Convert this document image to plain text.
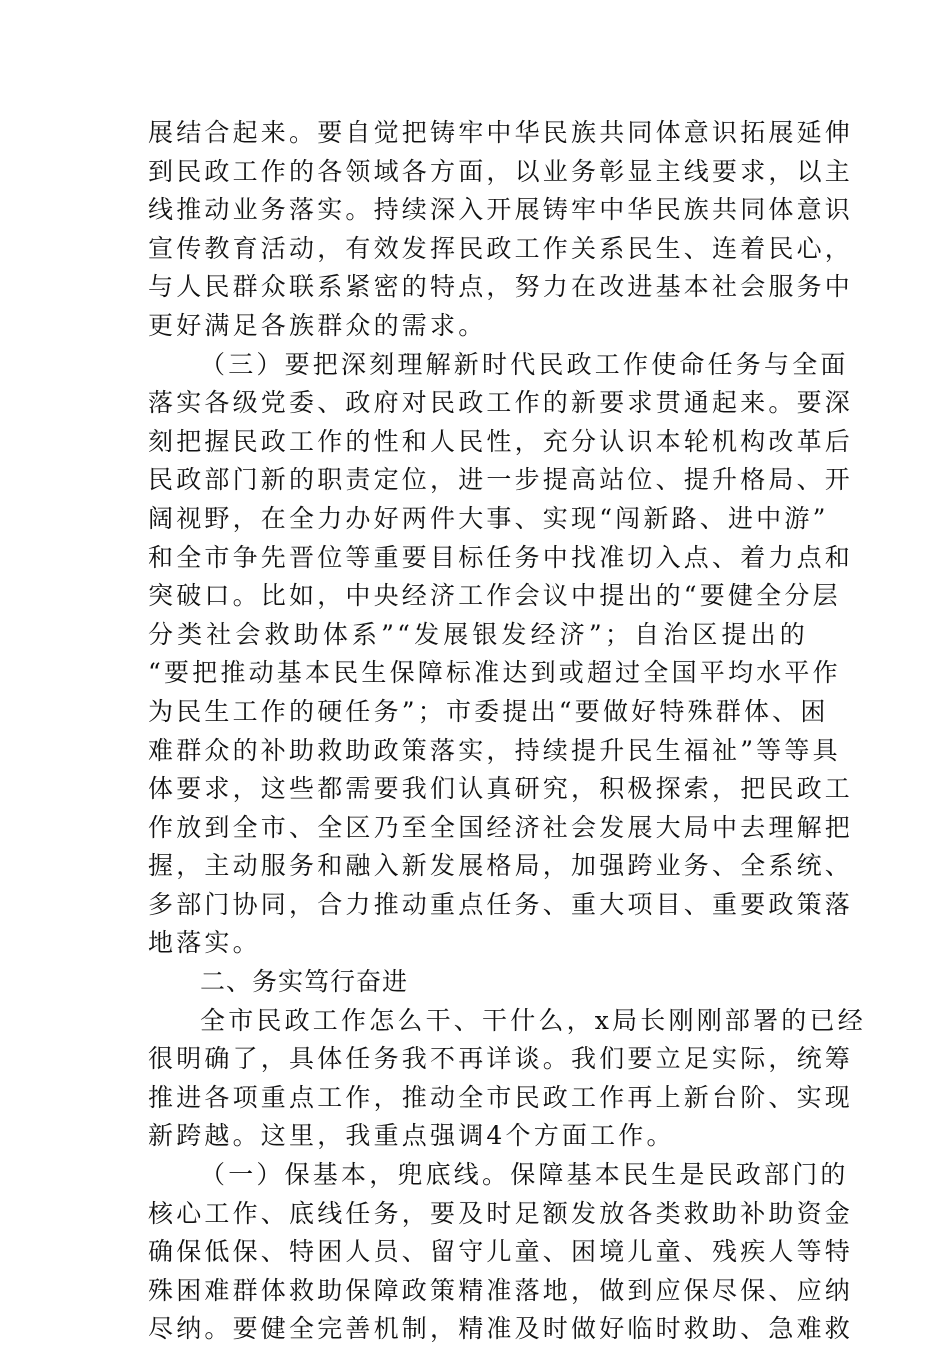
展结合起来。要自觉把铸牢中华民族共同体意识拓展延伸
到民政工作的各领域各方面，以业务彰显主线要求，以主
线推动业务落实。持续深入开展铸牢中华民族共同体意识
宣传教育活动，有效发挥民政工作关系民生、连着民心，
与人民群众联系紧密的特点，努力在改进基本社会服务中
更好满足各族群众的需求。
（三）要把深刻理解新时代民政工作使命任务与全面
落实各级党委、政府对民政工作的新要求贯通起来。要深
刻把握民政工作的性和人民性，充分认识本轮机构改革后
民政部门新的职责定位，进一步提高站位、提升格局、开
阔视野，在全力办好两件大事、实现“闯新路、进中游”
和全市争先晋位等重要目标任务中找准切入点、着力点和
突破口。比如，中央经济工作会议中提出的“要健全分层
分类社会救助体系”“发展银发经济”；自治区提出的
“要把推动基本民生保障标准达到或超过全国平均水平作
为民生工作的硬任务”；市委提出“要做好特殊群体、困
难群众的补助救助政策落实，持续提升民生福祉”等等具
体要求，这些都需要我们认真研究，积极探索，把民政工
作放到全市、全区乃至全国经济社会发展大局中去理解把
握，主动服务和融入新发展格局，加强跨业务、全系统、
多部门协同，合力推动重点任务、重大项目、重要政策落
地落实。
二、务实笃行奋进
全市民政工作怎么干、干什么，x局长刚刚部署的已经
很明确了，具体任务我不再详谈。我们要立足实际，统筹
推进各项重点工作，推动全市民政工作再上新台阶、实现
新跨越。这里，我重点强调4个方面工作。
（一）保基本，兜底线。保障基本民生是民政部门的
核心工作、底线任务，要及时足额发放各类救助补助资金
确保低保、特困人员、留守儿童、困境儿童、残疾人等特
殊困难群体救助保障政策精准落地，做到应保尽保、应纳
尽纳。要健全完善机制，精准及时做好临时救助、急难救
